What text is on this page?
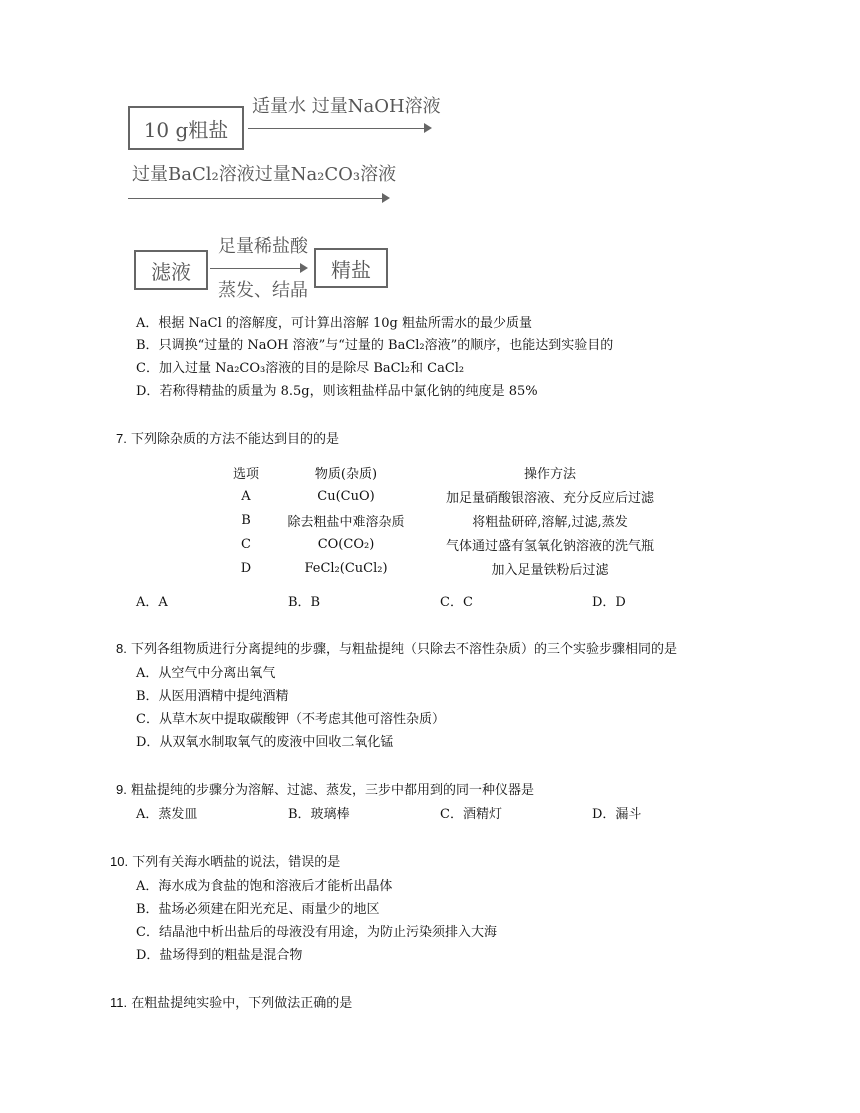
10 g粗盐
适量水 过量NaOH溶液
过量BaCl₂溶液过量Na₂CO₃溶液
滤液
足量稀盐酸
蒸发、结晶
精盐
A．根据 NaCl 的溶解度，可计算出溶解 10g 粗盐所需水的最少质量
B．只调换“过量的 NaOH 溶液”与“过量的 BaCl₂溶液”的顺序，也能达到实验目的
C．加入过量 Na₂CO₃溶液的目的是除尽 BaCl₂和 CaCl₂
D．若称得精盐的质量为 8.5g，则该粗盐样品中氯化钠的纯度是 85%
7. 下列除杂质的方法不能达到目的的是
选项	物质(杂质)	操作方法
A	Cu(CuO)	加足量硝酸银溶液、充分反应后过滤
B	除去粗盐中难溶杂质	将粗盐研碎,溶解,过滤,蒸发
C	CO(CO₂)	气体通过盛有氢氧化钠溶液的洗气瓶
D	FeCl₂(CuCl₂)	加入足量铁粉后过滤
A．A	B．B	C．C	D．D
8. 下列各组物质进行分离提纯的步骤，与粗盐提纯（只除去不溶性杂质）的三个实验步骤相同的是
A．从空气中分离出氧气
B．从医用酒精中提纯酒精
C．从草木灰中提取碳酸钾（不考虑其他可溶性杂质）
D．从双氧水制取氧气的废液中回收二氧化锰
9. 粗盐提纯的步骤分为溶解、过滤、蒸发，三步中都用到的同一种仪器是
A．蒸发皿	B．玻璃棒	C．酒精灯	D．漏斗
10. 下列有关海水晒盐的说法，错误的是
A．海水成为食盐的饱和溶液后才能析出晶体
B．盐场必须建在阳光充足、雨量少的地区
C．结晶池中析出盐后的母液没有用途，为防止污染须排入大海
D．盐场得到的粗盐是混合物
11. 在粗盐提纯实验中，下列做法正确的是
